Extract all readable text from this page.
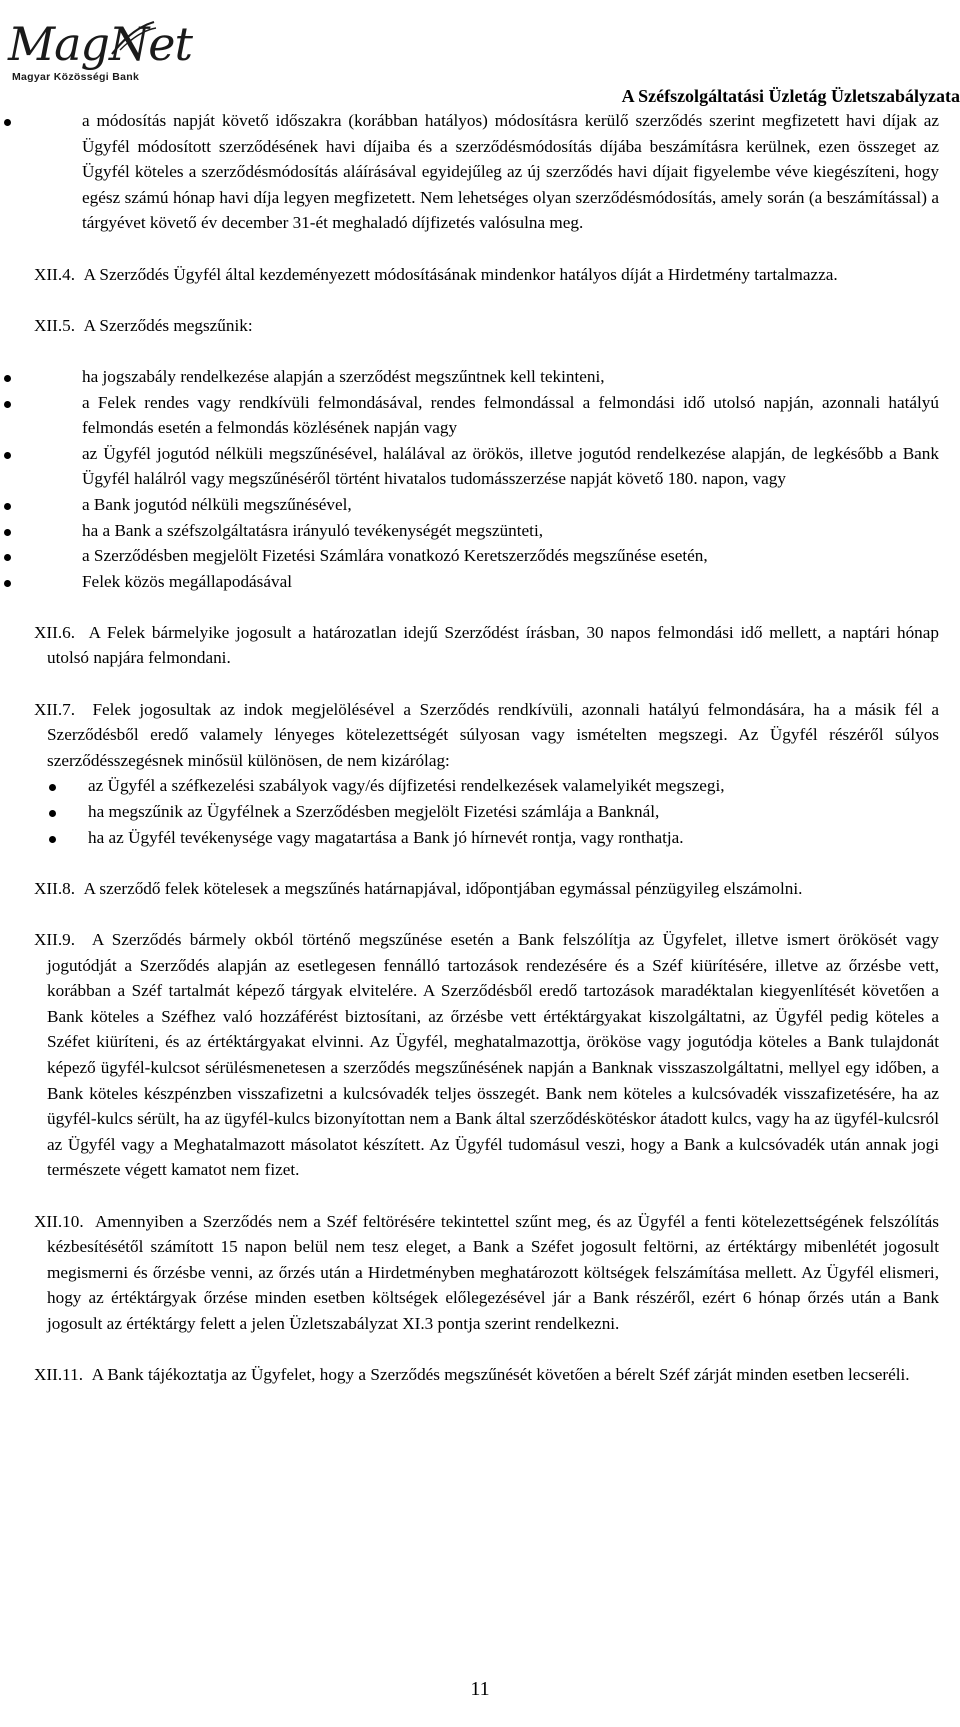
MagNet
Magyar Közösségi Bank
A Széfszolgáltatási Üzletág Üzletszabályzata
a módosítás napját követő időszakra (korábban hatályos) módosításra kerülő szerződés szerint megfizetett havi díjak az Ügyfél módosított szerződésének havi díjaiba és a szerződésmódosítás díjába beszámításra kerülnek, ezen összeget az Ügyfél köteles a szerződésmódosítás aláírásával egyidejűleg az új szerződés havi díjait figyelembe véve kiegészíteni, hogy egész számú hónap havi díja legyen megfizetett. Nem lehetséges olyan szerződésmódosítás, amely során (a beszámítással) a tárgyévet követő év december 31-ét meghaladó díjfizetés valósulna meg.

XII.4. A Szerződés Ügyfél által kezdeményezett módosításának mindenkor hatályos díját a Hirdetmény tartalmazza.

XII.5. A Szerződés megszűnik:

ha jogszabály rendelkezése alapján a szerződést megszűntnek kell tekinteni,
a Felek rendes vagy rendkívüli felmondásával, rendes felmondással a felmondási idő utolsó napján, azonnali hatályú felmondás esetén a felmondás közlésének napján vagy
az Ügyfél jogutód nélküli megszűnésével, halálával az örökös, illetve jogutód rendelkezése alapján, de legkésőbb a Bank Ügyfél halálról vagy megszűnéséről történt hivatalos tudomásszerzése napját követő 180. napon, vagy
a Bank jogutód nélküli megszűnésével,
ha a Bank a széfszolgáltatásra irányuló tevékenységét megszünteti,
a Szerződésben megjelölt Fizetési Számlára vonatkozó Keretszerződés megszűnése esetén,
Felek közös megállapodásával

XII.6. A Felek bármelyike jogosult a határozatlan idejű Szerződést írásban, 30 napos felmondási idő mellett, a naptári hónap utolsó napjára felmondani.

XII.7. Felek jogosultak az indok megjelölésével a Szerződés rendkívüli, azonnali hatályú felmondására, ha a másik fél a Szerződésből eredő valamely lényeges kötelezettségét súlyosan vagy ismételten megszegi. Az Ügyfél részéről súlyos szerződésszegésnek minősül különösen, de nem kizárólag:

az Ügyfél a széfkezelési szabályok vagy/és díjfizetési rendelkezések valamelyikét megszegi,
ha megszűnik az Ügyfélnek a Szerződésben megjelölt Fizetési számlája a Banknál,
ha az Ügyfél tevékenysége vagy magatartása a Bank jó hírnevét rontja, vagy ronthatja.

XII.8. A szerződő felek kötelesek a megszűnés határnapjával, időpontjában egymással pénzügyileg elszámolni.

XII.9. A Szerződés bármely okból történő megszűnése esetén a Bank felszólítja az Ügyfelet, illetve ismert örökösét vagy jogutódját a Szerződés alapján az esetlegesen fennálló tartozások rendezésére és a Széf kiürítésére, illetve az őrzésbe vett, korábban a Széf tartalmát képező tárgyak elvitelére. A Szerződésből eredő tartozások maradéktalan kiegyenlítését követően a Bank köteles a Széfhez való hozzáférést biztosítani, az őrzésbe vett értéktárgyakat kiszolgáltatni, az Ügyfél pedig köteles a Széfet kiüríteni, és az értéktárgyakat elvinni. Az Ügyfél, meghatalmazottja, örököse vagy jogutódja köteles a Bank tulajdonát képező ügyfél-kulcsot sérülésmenetesen a szerződés megszűnésének napján a Banknak visszaszolgáltatni, mellyel egy időben, a Bank köteles készpénzben visszafizetni a kulcsóvadék teljes összegét. Bank nem köteles a kulcsóvadék visszafizetésére, ha az ügyfél-kulcs sérült, ha az ügyfél-kulcs bizonyítottan nem a Bank által szerződéskötéskor átadott kulcs, vagy ha az ügyfél-kulcsról az Ügyfél vagy a Meghatalmazott másolatot készített. Az Ügyfél tudomásul veszi, hogy a Bank a kulcsóvadék után annak jogi természete végett kamatot nem fizet.

XII.10. Amennyiben a Szerződés nem a Széf feltörésére tekintettel szűnt meg, és az Ügyfél a fenti kötelezettségének felszólítás kézbesítésétől számított 15 napon belül nem tesz eleget, a Bank a Széfet jogosult feltörni, az értéktárgy mibenlétét jogosult megismerni és őrzésbe venni, az őrzés után a Hirdetményben meghatározott költségek felszámítása mellett. Az Ügyfél elismeri, hogy az értéktárgyak őrzése minden esetben költségek előlegezésével jár a Bank részéről, ezért 6 hónap őrzés után a Bank jogosult az értéktárgy felett a jelen Üzletszabályzat XI.3 pontja szerint rendelkezni.

XII.11. A Bank tájékoztatja az Ügyfelet, hogy a Szerződés megszűnését követően a bérelt Széf zárját minden esetben lecseréli.

11
